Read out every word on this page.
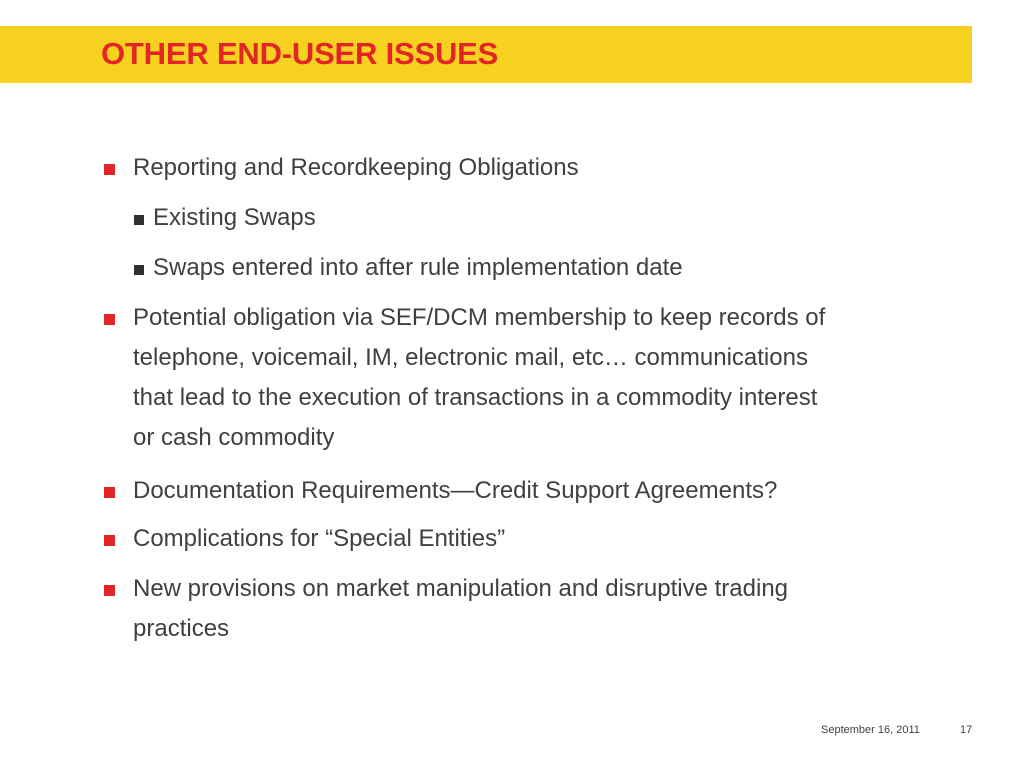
OTHER END-USER ISSUES
Reporting and Recordkeeping Obligations
Existing Swaps
Swaps entered into after rule implementation date
Potential obligation via SEF/DCM membership to keep records of
telephone, voicemail, IM, electronic mail, etc… communications
that lead to the execution of transactions in a commodity interest
or cash commodity
Documentation Requirements—Credit Support Agreements?
Complications for “Special Entities”
New provisions on market manipulation and disruptive trading
practices
September 16, 2011	17
